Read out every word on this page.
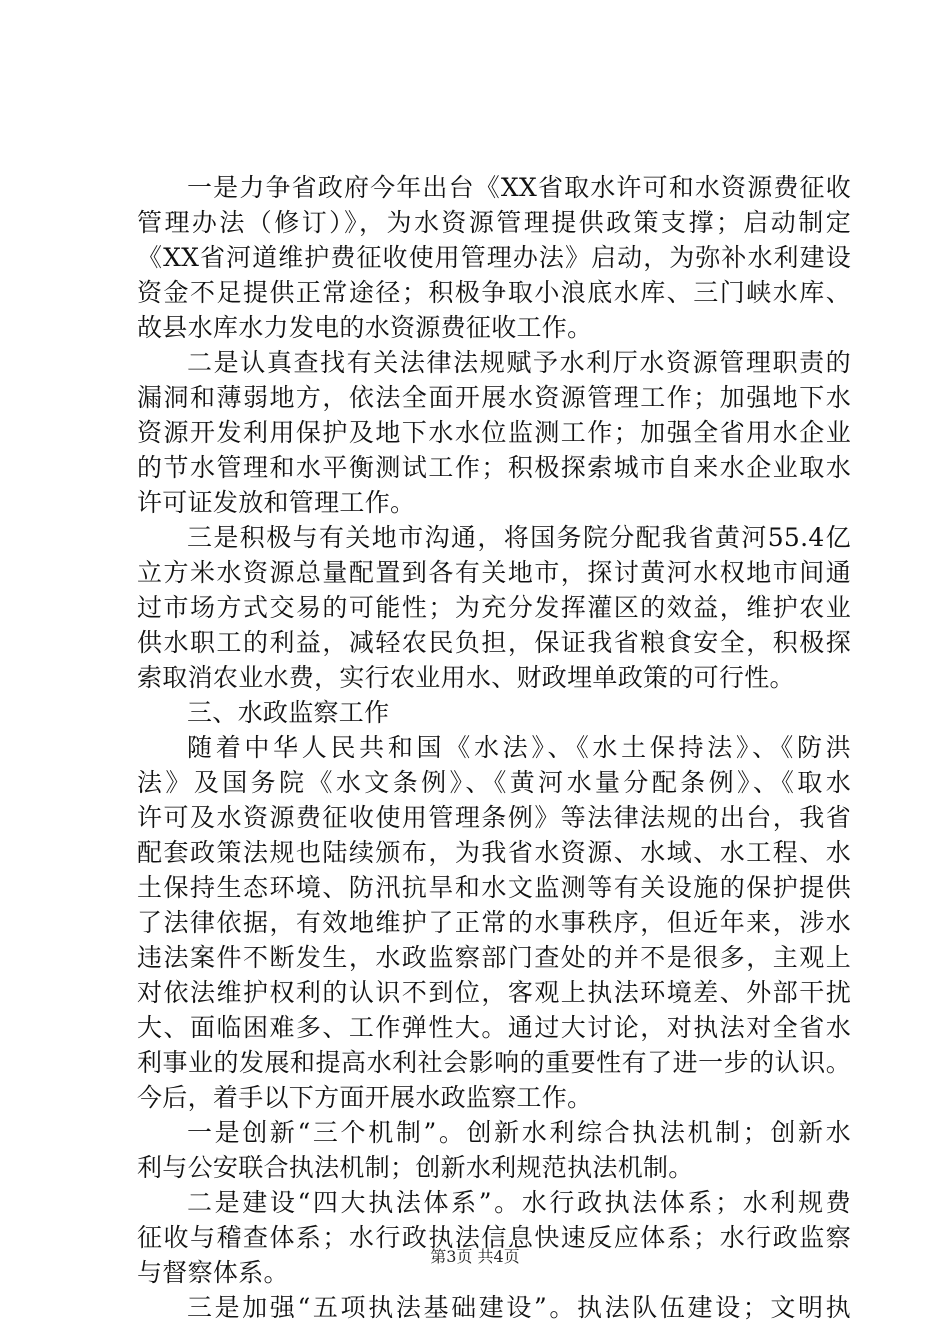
一是力争省政府今年出台《XX省取水许可和水资源费征收
管理办法（修订）》，为水资源管理提供政策支撑；启动制定
《XX省河道维护费征收使用管理办法》启动，为弥补水利建设
资金不足提供正常途径；积极争取小浪底水库、三门峡水库、
故县水库水力发电的水资源费征收工作。
二是认真查找有关法律法规赋予水利厅水资源管理职责的
漏洞和薄弱地方，依法全面开展水资源管理工作；加强地下水
资源开发利用保护及地下水水位监测工作；加强全省用水企业
的节水管理和水平衡测试工作；积极探索城市自来水企业取水
许可证发放和管理工作。
三是积极与有关地市沟通，将国务院分配我省黄河55.4亿
立方米水资源总量配置到各有关地市，探讨黄河水权地市间通
过市场方式交易的可能性；为充分发挥灌区的效益，维护农业
供水职工的利益，减轻农民负担，保证我省粮食安全，积极探
索取消农业水费，实行农业用水、财政埋单政策的可行性。
三、水政监察工作
随着中华人民共和国《水法》、《水土保持法》、《防洪
法》及国务院《水文条例》、《黄河水量分配条例》、《取水
许可及水资源费征收使用管理条例》等法律法规的出台，我省
配套政策法规也陆续颁布，为我省水资源、水域、水工程、水
土保持生态环境、防汛抗旱和水文监测等有关设施的保护提供
了法律依据，有效地维护了正常的水事秩序，但近年来，涉水
违法案件不断发生，水政监察部门查处的并不是很多，主观上
对依法维护权利的认识不到位，客观上执法环境差、外部干扰
大、面临困难多、工作弹性大。通过大讨论，对执法对全省水
利事业的发展和提高水利社会影响的重要性有了进一步的认识。
今后，着手以下方面开展水政监察工作。
一是创新“三个机制”。创新水利综合执法机制；创新水
利与公安联合执法机制；创新水利规范执法机制。
二是建设“四大执法体系”。水行政执法体系；水利规费
征收与稽查体系；水行政执法信息快速反应体系；水行政监察
与督察体系。
三是加强“五项执法基础建设”。执法队伍建设；文明执
第3页 共4页
